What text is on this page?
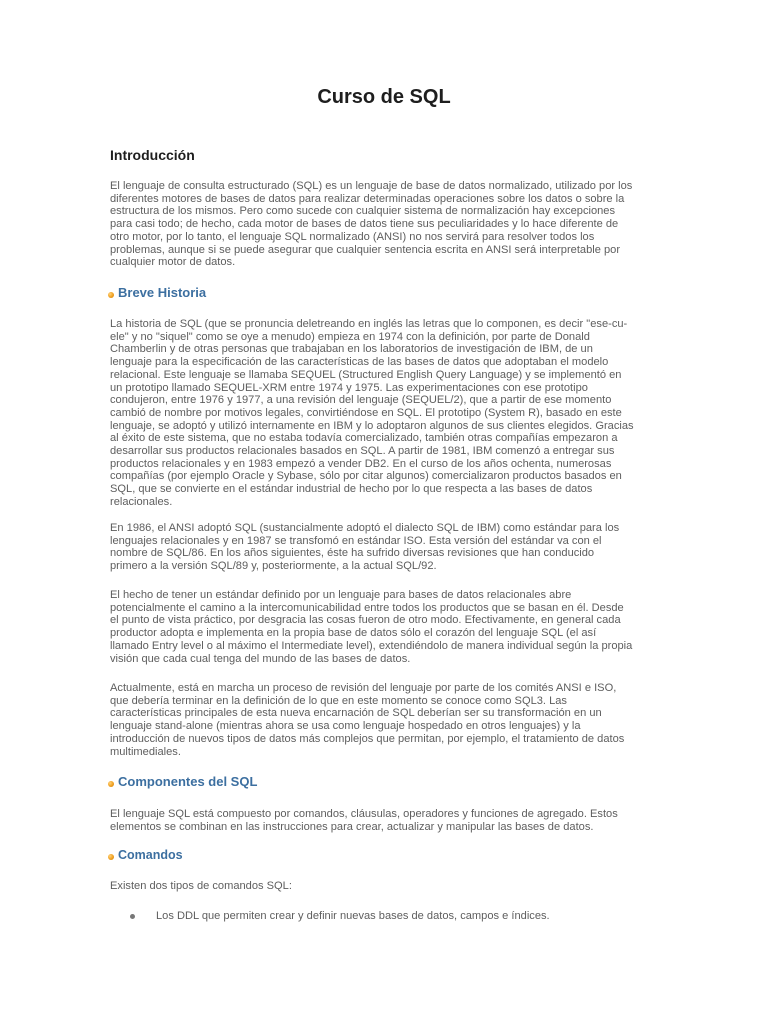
Curso de SQL
Introducción

El lenguaje de consulta estructurado (SQL) es un lenguaje de base de datos normalizado, utilizado por los
diferentes motores de bases de datos para realizar determinadas operaciones sobre los datos o sobre la
estructura de los mismos. Pero como sucede con cualquier sistema de normalización hay excepciones
para casi todo; de hecho, cada motor de bases de datos tiene sus peculiaridades y lo hace diferente de
otro motor, por lo tanto, el lenguaje SQL normalizado (ANSI) no nos servirá para resolver todos los
problemas, aunque si se puede asegurar que cualquier sentencia escrita en ANSI será interpretable por
cualquier motor de datos.

Breve Historia

La historia de SQL (que se pronuncia deletreando en inglés las letras que lo componen, es decir "ese-cu-
ele" y no "siquel" como se oye a menudo) empieza en 1974 con la definición, por parte de Donald
Chamberlin y de otras personas que trabajaban en los laboratorios de investigación de IBM, de un
lenguaje para la especificación de las características de las bases de datos que adoptaban el modelo
relacional. Este lenguaje se llamaba SEQUEL (Structured English Query Language) y se implementó en
un prototipo llamado SEQUEL-XRM entre 1974 y 1975. Las experimentaciones con ese prototipo
condujeron, entre 1976 y 1977, a una revisión del lenguaje (SEQUEL/2), que a partir de ese momento
cambió de nombre por motivos legales, convirtiéndose en SQL. El prototipo (System R), basado en este
lenguaje, se adoptó y utilizó internamente en IBM y lo adoptaron algunos de sus clientes elegidos. Gracias
al éxito de este sistema, que no estaba todavía comercializado, también otras compañías empezaron a
desarrollar sus productos relacionales basados en SQL. A partir de 1981, IBM comenzó a entregar sus
productos relacionales y en 1983 empezó a vender DB2. En el curso de los años ochenta, numerosas
compañías (por ejemplo Oracle y Sybase, sólo por citar algunos) comercializaron productos basados en
SQL, que se convierte en el estándar industrial de hecho por lo que respecta a las bases de datos
relacionales.

En 1986, el ANSI adoptó SQL (sustancialmente adoptó el dialecto SQL de IBM) como estándar para los
lenguajes relacionales y en 1987 se transfomó en estándar ISO. Esta versión del estándar va con el
nombre de SQL/86. En los años siguientes, éste ha sufrido diversas revisiones que han conducido
primero a la versión SQL/89 y, posteriormente, a la actual SQL/92.

El hecho de tener un estándar definido por un lenguaje para bases de datos relacionales abre
potencialmente el camino a la intercomunicabilidad entre todos los productos que se basan en él. Desde
el punto de vista práctico, por desgracia las cosas fueron de otro modo. Efectivamente, en general cada
productor adopta e implementa en la propia base de datos sólo el corazón del lenguaje SQL (el así
llamado Entry level o al máximo el Intermediate level), extendiéndolo de manera individual según la propia
visión que cada cual tenga del mundo de las bases de datos.

Actualmente, está en marcha un proceso de revisión del lenguaje por parte de los comités ANSI e ISO,
que debería terminar en la definición de lo que en este momento se conoce como SQL3. Las
características principales de esta nueva encarnación de SQL deberían ser su transformación en un
lenguaje stand-alone (mientras ahora se usa como lenguaje hospedado en otros lenguajes) y la
introducción de nuevos tipos de datos más complejos que permitan, por ejemplo, el tratamiento de datos
multimediales.

Componentes del SQL

El lenguaje SQL está compuesto por comandos, cláusulas, operadores y funciones de agregado. Estos
elementos se combinan en las instrucciones para crear, actualizar y manipular las bases de datos.

Comandos

Existen dos tipos de comandos SQL:

Los DDL que permiten crear y definir nuevas bases de datos, campos e índices.
